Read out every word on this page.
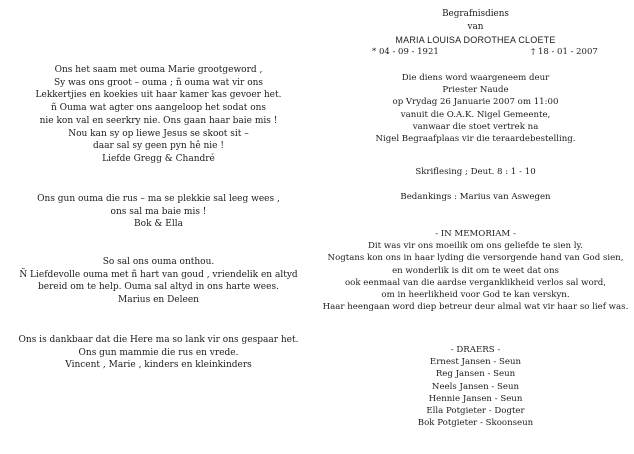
Ons het saam met ouma Marie grootgeword ,
Sy was ons groot – ouma ; ñ ouma wat vir ons
Lekkertjies en koekies uit haar kamer kas gevoer het.
ñ Ouma wat agter ons aangeloop het sodat ons
nie kon val en seerkry nie. Ons gaan haar baie mis !
Nou kan sy op liewe Jesus se skoot sit –
daar sal sy geen pyn hê nie !
Liefde Gregg & Chandré
Ons gun ouma die rus – ma se plekkie sal leeg wees ,
ons sal ma baie mis !
Bok & Ella
So sal ons ouma onthou.
Ñ Liefdevolle ouma met ñ hart van goud , vriendelik en altyd
bereid om te help. Ouma sal altyd in ons harte wees.
Marius en Deleen
Ons is dankbaar dat die Here ma so lank vir ons gespaar het.
Ons gun mammie die rus en vrede.
Vincent , Marie , kinders en kleinkinders
Begrafnisdiens
van
MARIA LOUISA DOROTHEA CLOETE
* 04 - 09 - 1921	† 18 - 01 - 2007
Die diens word waargeneem deur
Priester Naude
op Vrydag 26 Januarie 2007 om 11:00
vanuit die O.A.K. Nigel Gemeente,
vanwaar die stoet vertrek na
Nigel Begraafplaas vir die teraardebestelling.
Skriflesing ; Deut. 8 : 1 - 10
Bedankings : Marius van Aswegen
- IN MEMORIAM -
Dit was vir ons moeilik om ons geliefde te sien ly.
Nogtans kon ons in haar lyding die versorgende hand van God sien,
en wonderlik is dit om te weet dat ons
ook eenmaal van die aardse verganklikheid verlos sal word,
om in heerlikheid voor God te kan verskyn.
Haar heengaan word diep betreur deur almal wat vir haar so lief was.
- DRAERS -
Ernest Jansen - Seun
Reg Jansen - Seun
Neels Jansen - Seun
Hennie Jansen - Seun
Ella Potgieter - Dogter
Bok Potgieter - Skoonseun
